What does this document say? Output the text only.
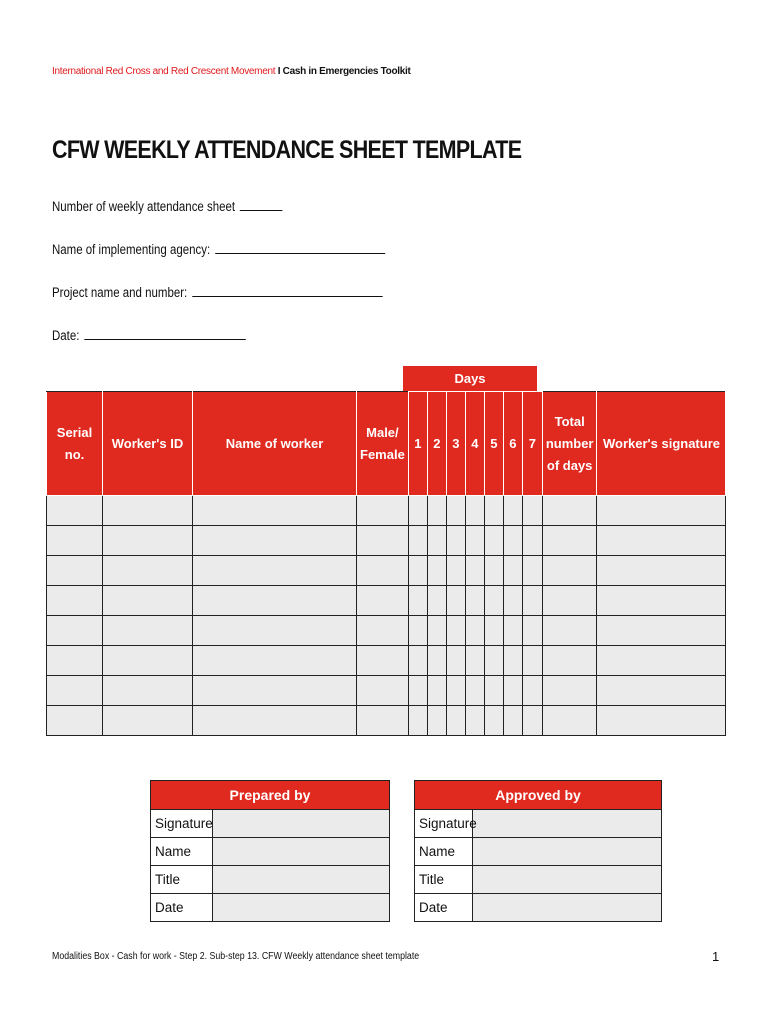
International Red Cross and Red Crescent Movement I Cash in Emergencies Toolkit
CFW WEEKLY ATTENDANCE SHEET TEMPLATE
Number of weekly attendance sheet
Name of implementing agency:
Project name and number:
Date:
Days
Serial no.	Worker's ID	Name of worker	Male/ Female	1	2	3	4	5	6	7	Total number of days	Worker's signature

Prepared by	
Signature	
Name	
Title	
Date	
Approved by	
Signature	
Name	
Title	
Date	
Modalities Box - Cash for work - Step 2. Sub-step 13. CFW Weekly attendance sheet template	1
